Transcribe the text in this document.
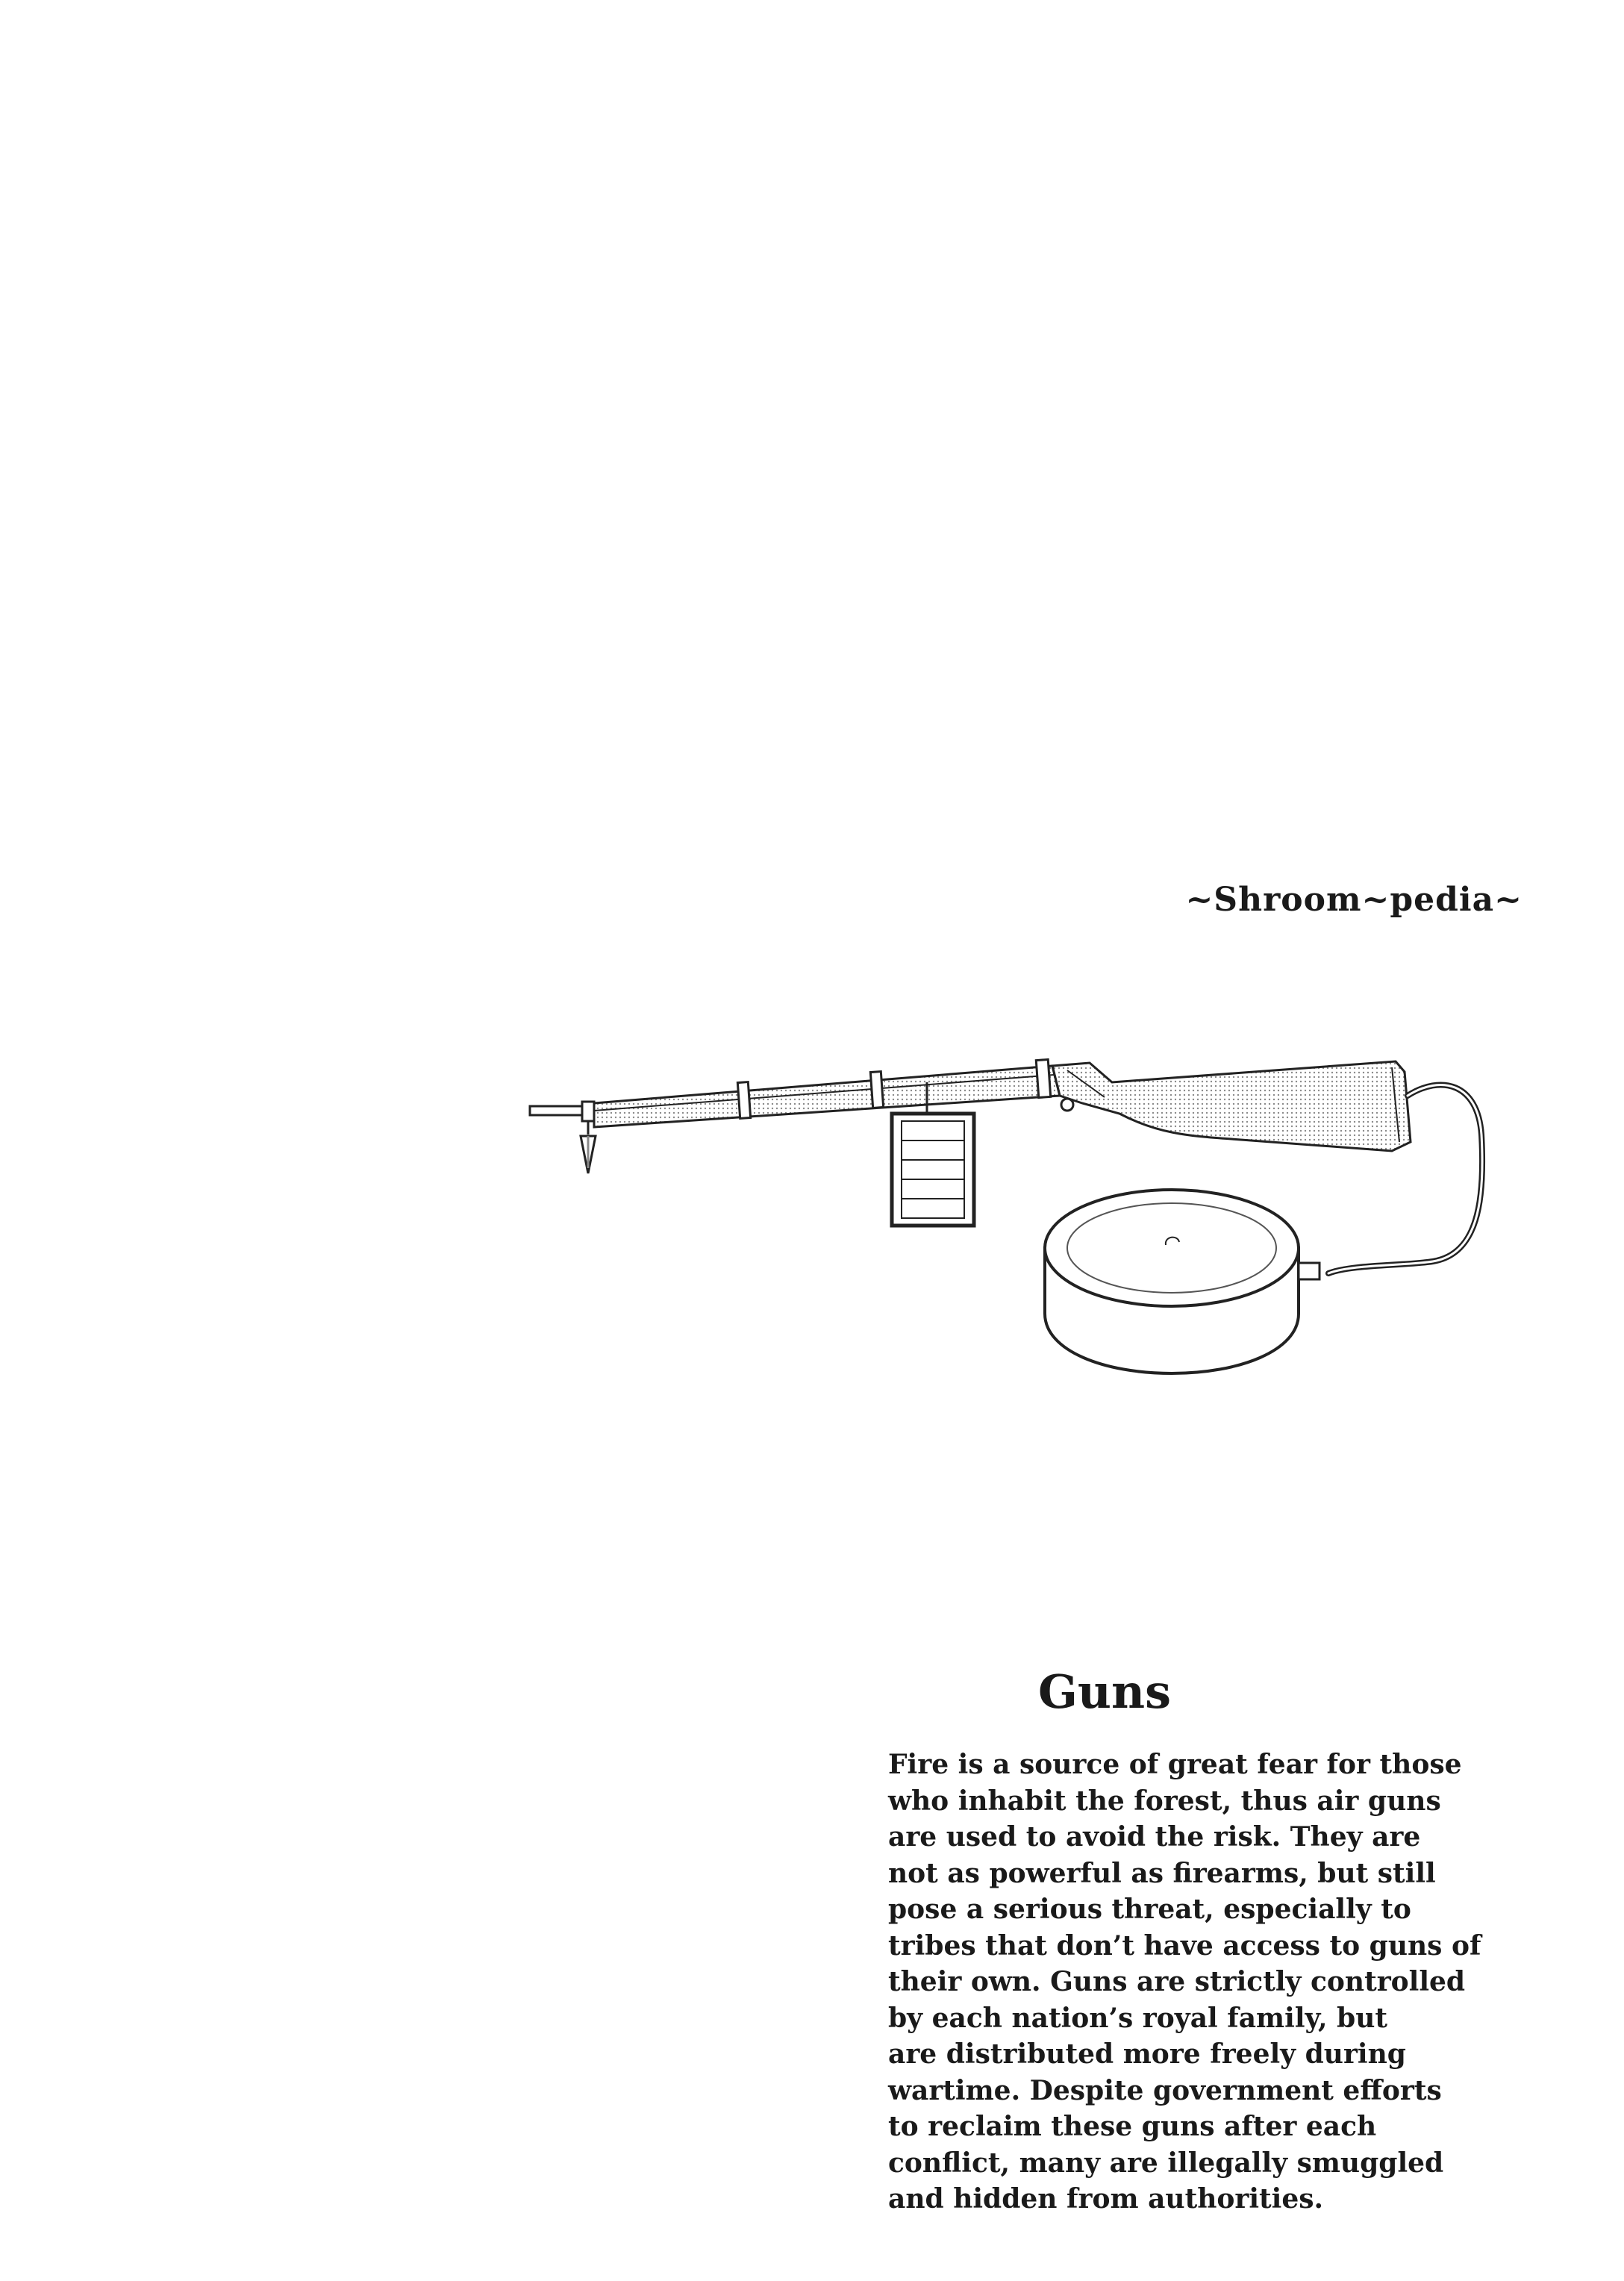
~Shroom~pedia~
Guns
Fire is a source of great fear for those
who inhabit the forest, thus air guns
are used to avoid the risk. They are
not as powerful as firearms, but still
pose a serious threat, especially to
tribes that don’t have access to guns of
their own. Guns are strictly controlled
by each nation’s royal family, but
are distributed more freely during
wartime. Despite government efforts
to reclaim these guns after each
conflict, many are illegally smuggled
and hidden from authorities.
